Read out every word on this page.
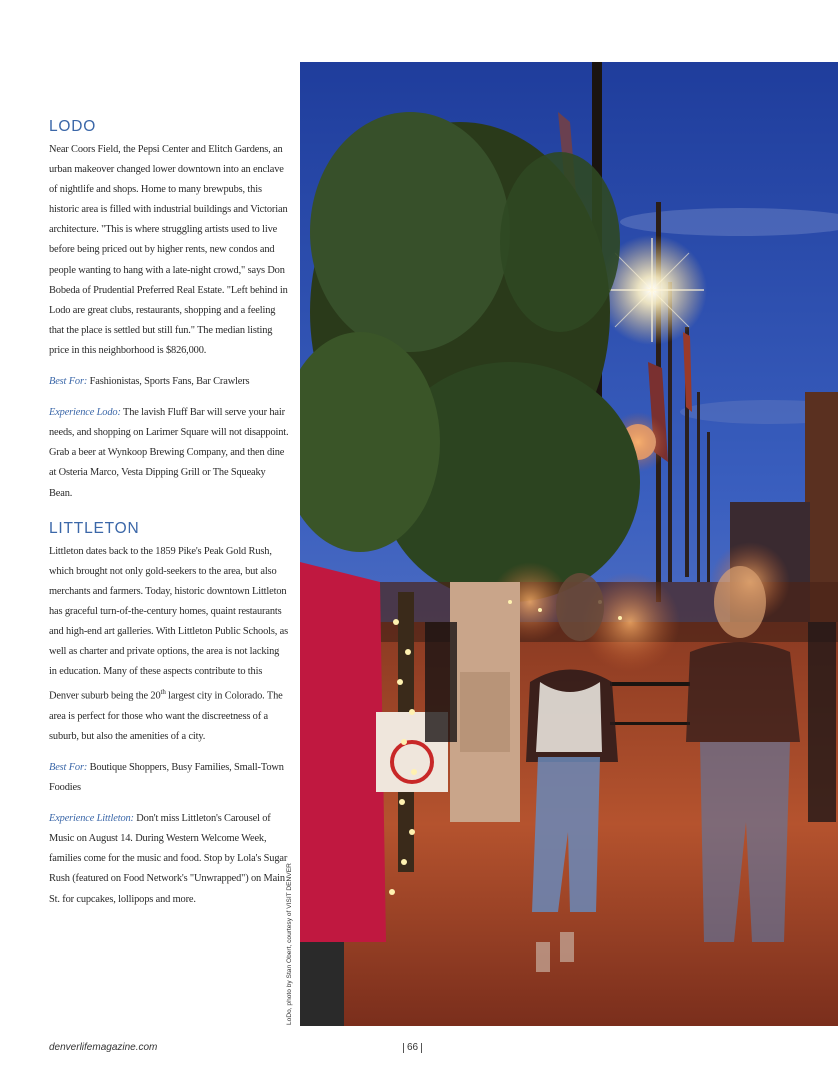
LODO

Near Coors Field, the Pepsi Center and Elitch Gardens, an urban makeover changed lower downtown into an enclave of nightlife and shops. Home to many brewpubs, this historic area is filled with industrial buildings and Victorian architecture. "This is where struggling artists used to live before being priced out by higher rents, new condos and people wanting to hang with a late-night crowd," says Don Bobeda of Prudential Preferred Real Estate. "Left behind in Lodo are great clubs, restaurants, shopping and a feeling that the place is settled but still fun." The median listing price in this neighborhood is $826,000.

Best For: Fashionistas, Sports Fans, Bar Crawlers

Experience Lodo: The lavish Fluff Bar will serve your hair needs, and shopping on Larimer Square will not disappoint. Grab a beer at Wynkoop Brewing Company, and then dine at Osteria Marco, Vesta Dipping Grill or The Squeaky Bean.

LITTLETON

Littleton dates back to the 1859 Pike's Peak Gold Rush, which brought not only gold-seekers to the area, but also merchants and farmers. Today, historic downtown Littleton has graceful turn-of-the-century homes, quaint restaurants and high-end art galleries. With Littleton Public Schools, as well as charter and private options, the area is not lacking in education. Many of these aspects contribute to this Denver suburb being the 20th largest city in Colorado. The area is perfect for those who want the discreetness of a suburb, but also the amenities of a city.

Best For: Boutique Shoppers, Busy Families, Small-Town Foodies

Experience Littleton: Don't miss Littleton's Carousel of Music on August 14. During Western Welcome Week, families come for the music and food. Stop by Lola's Sugar Rush (featured on Food Network's "Unwrapped") on Main St. for cupcakes, lollipops and more.	LoDo, photo by Stan Obert, courtesy of VISIT DENVER
denverlifemagazine.com	66
